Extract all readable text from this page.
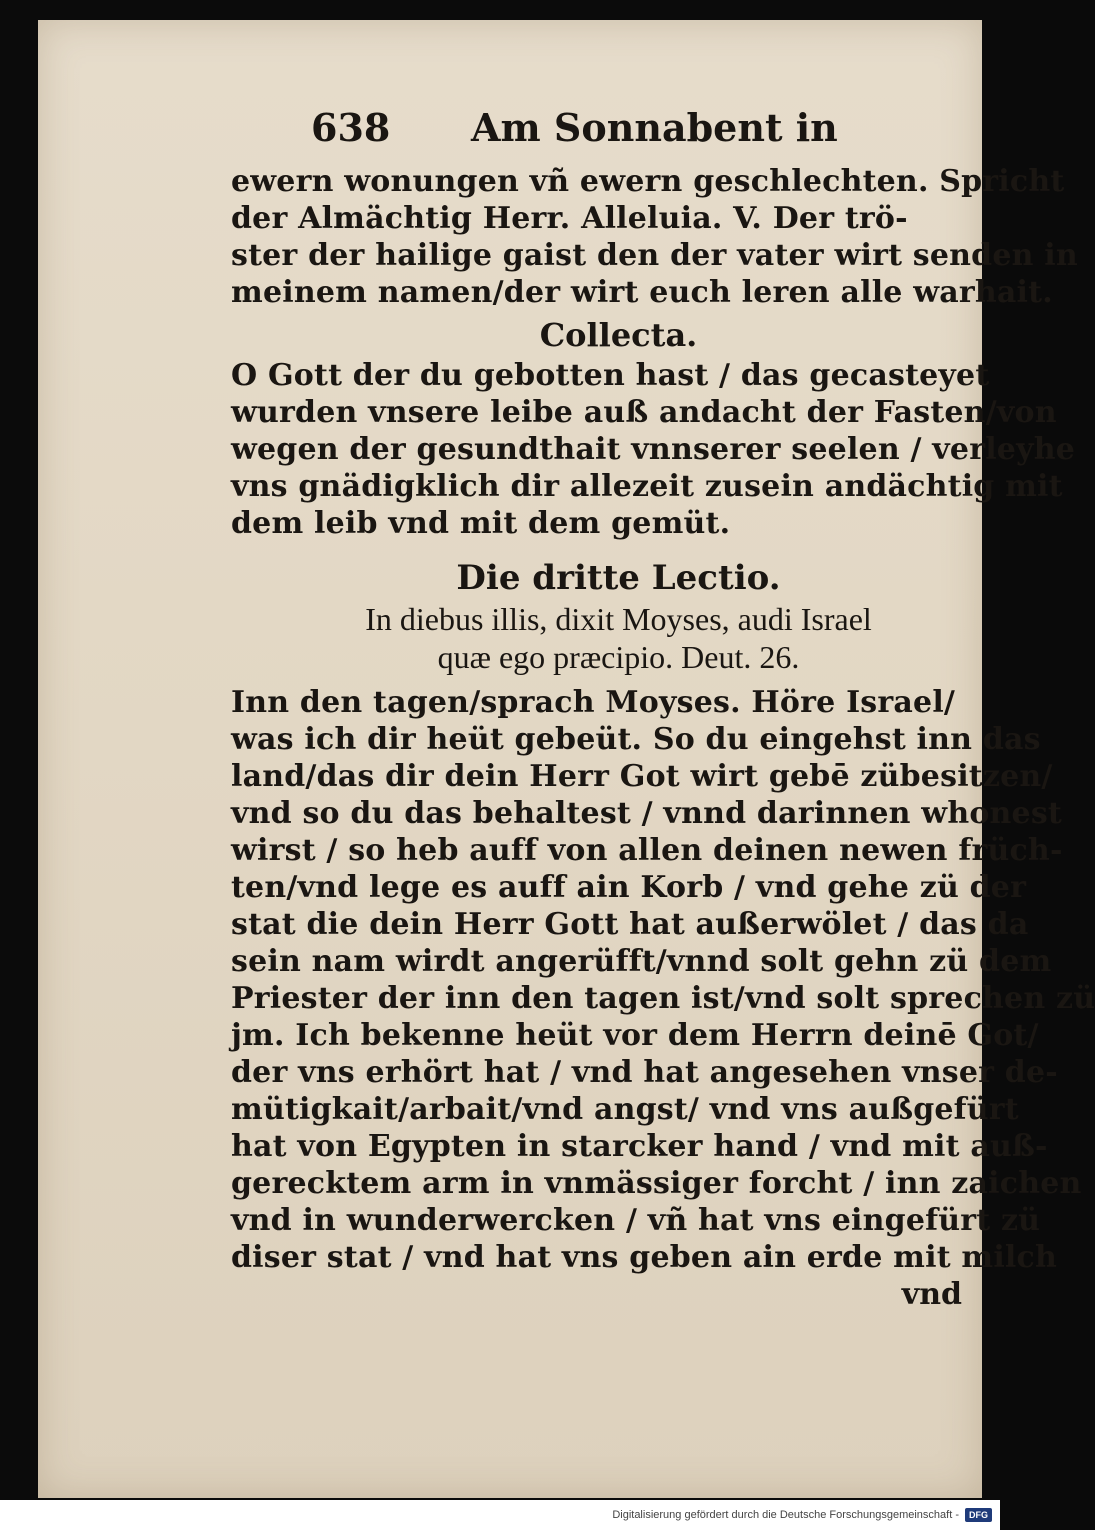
638	Am Sonnabent in
ewern wonungen vñ ewern geschlechten. Spricht
der Almächtig Herr. Alleluia. V. Der trö-
ster der hailige gaist den der vater wirt senden in
meinem namen/der wirt euch leren alle warhait.
Collecta.
O Gott der du gebotten hast / das gecasteyet
wurden vnsere leibe auß andacht der Fasten/von
wegen der gesundthait vnnserer seelen / verleyhe
vns gnädigklich dir allezeit zusein andächtig mit
dem leib vnd mit dem gemüt.
Die dritte Lectio.
In diebus illis, dixit Moyses, audi Israel
quæ ego præcipio. Deut. 26.
Inn den tagen/sprach Moyses. Höre Israel/
was ich dir heüt gebeüt. So du eingehst inn das
land/das dir dein Herr Got wirt gebē zübesitzen/
vnd so du das behaltest / vnnd darinnen whonest
wirst / so heb auff von allen deinen newen früch-
ten/vnd lege es auff ain Korb / vnd gehe zü der
stat die dein Herr Gott hat außerwölet / das da
sein nam wirdt angerüfft/vnnd solt gehn zü dem
Priester der inn den tagen ist/vnd solt sprechen zü
jm. Ich bekenne heüt vor dem Herrn deinē Got/
der vns erhört hat / vnd hat angesehen vnser de-
mütigkait/arbait/vnd angst/ vnd vns außgefürt
hat von Egypten in starcker hand / vnd mit auß-
gerecktem arm in vnmässiger forcht / inn zaichen
vnd in wunderwercken / vñ hat vns eingefürt zü
diser stat / vnd hat vns geben ain erde mit milch
vnd
Digitalisierung gefördert durch die Deutsche Forschungsgemeinschaft -	DFG
